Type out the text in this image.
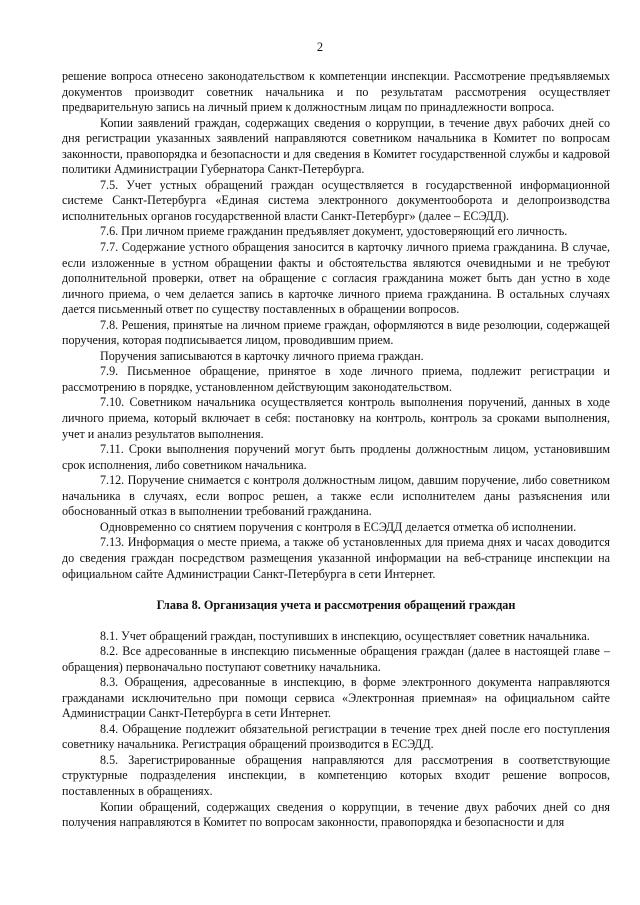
2

решение вопроса отнесено законодательством к компетенции инспекции. Рассмотрение предъявляемых документов производит советник начальника и по результатам рассмотрения осуществляет предварительную запись на личный прием к должностным лицам по принадлежности вопроса.

Копии заявлений граждан, содержащих сведения о коррупции, в течение двух рабочих дней со дня регистрации указанных заявлений направляются советником начальника в Комитет по вопросам законности, правопорядка и безопасности и для сведения в Комитет государственной службы и кадровой политики Администрации Губернатора Санкт-Петербурга.

7.5. Учет устных обращений граждан осуществляется в государственной информационной системе Санкт-Петербурга «Единая система электронного документооборота и делопроизводства исполнительных органов государственной власти Санкт-Петербург» (далее – ЕСЭДД).

7.6. При личном приеме гражданин предъявляет документ, удостоверяющий его личность.

7.7. Содержание устного обращения заносится в карточку личного приема гражданина. В случае, если изложенные в устном обращении факты и обстоятельства являются очевидными и не требуют дополнительной проверки, ответ на обращение с согласия гражданина может быть дан устно в ходе личного приема, о чем делается запись в карточке личного приема гражданина. В остальных случаях дается письменный ответ по существу поставленных в обращении вопросов.

7.8. Решения, принятые на личном приеме граждан, оформляются в виде резолюции, содержащей поручения, которая подписывается лицом, проводившим прием.

Поручения записываются в карточку личного приема граждан.

7.9. Письменное обращение, принятое в ходе личного приема, подлежит регистрации и рассмотрению в порядке, установленном действующим законодательством.

7.10. Советником начальника осуществляется контроль выполнения поручений, данных в ходе личного приема, который включает в себя: постановку на контроль, контроль за сроками выполнения, учет и анализ результатов выполнения.

7.11. Сроки выполнения поручений могут быть продлены должностным лицом, установившим срок исполнения, либо советником начальника.

7.12. Поручение снимается с контроля должностным лицом, давшим поручение, либо советником начальника в случаях, если вопрос решен, а также если исполнителем даны разъяснения или обоснованный отказ в выполнении требований гражданина.

Одновременно со снятием поручения с контроля в ЕСЭДД делается отметка об исполнении.

7.13. Информация о месте приема, а также об установленных для приема днях и часах доводится до сведения граждан посредством размещения указанной информации на веб-странице инспекции на официальном сайте Администрации Санкт-Петербурга в сети Интернет.

Глава 8. Организация учета и рассмотрения обращений граждан

8.1. Учет обращений граждан, поступивших в инспекцию, осуществляет советник начальника.

8.2. Все адресованные в инспекцию письменные обращения граждан (далее в настоящей главе – обращения) первоначально поступают советнику начальника.

8.3. Обращения, адресованные в инспекцию, в форме электронного документа направляются гражданами исключительно при помощи сервиса «Электронная приемная» на официальном сайте Администрации Санкт-Петербурга в сети Интернет.

8.4. Обращение подлежит обязательной регистрации в течение трех дней после его поступления советнику начальника. Регистрация обращений производится в ЕСЭДД.

8.5. Зарегистрированные обращения направляются для рассмотрения в соответствующие структурные подразделения инспекции, в компетенцию которых входит решение вопросов, поставленных в обращениях.

Копии обращений, содержащих сведения о коррупции, в течение двух рабочих дней со дня получения направляются в Комитет по вопросам законности, правопорядка и безопасности и для
